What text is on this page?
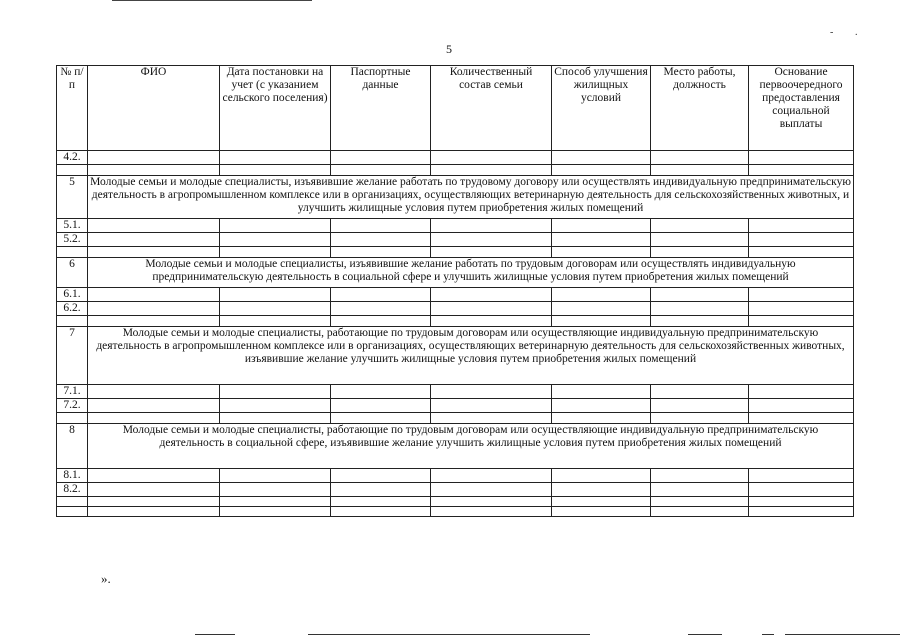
5
- .
№ п/п	ФИО	Дата постановки на учет (с указанием сельского поселения)	Паспортные данные	Количественный состав семьи	Способ улучшения жилищных условий	Место работы, должность	Основание первоочередного предоставления социальной выплаты
4.2.							

5	Молодые семьи и молодые специалисты, изъявившие желание работать по трудовому договору или осуществлять индивидуальную предпринимательскую деятельность в агропромышленном комплексе или в организациях, осуществляющих ветеринарную деятельность для сельскохозяйственных животных, и улучшить жилищные условия путем приобретения жилых помещений						
5.1.							
5.2.							

6	Молодые семьи и молодые специалисты, изъявившие желание работать по трудовым договорам или осуществлять индивидуальную предпринимательскую деятельность в социальной сфере и улучшить жилищные условия путем приобретения жилых помещений						
6.1.							
6.2.							

7	Молодые семьи и молодые специалисты, работающие по трудовым договорам или осуществляющие индивидуальную предпринимательскую деятельность в агропромышленном комплексе или в организациях, осуществляющих ветеринарную деятельность для сельскохозяйственных животных, изъявившие желание улучшить жилищные условия путем приобретения жилых помещений						
7.1.							
7.2.							

8	Молодые семьи и молодые специалисты, работающие по трудовым договорам или осуществляющие индивидуальную предпринимательскую деятельность в социальной сфере, изъявившие желание улучшить жилищные условия путем приобретения жилых помещений						
8.1.							
8.2.							

».
